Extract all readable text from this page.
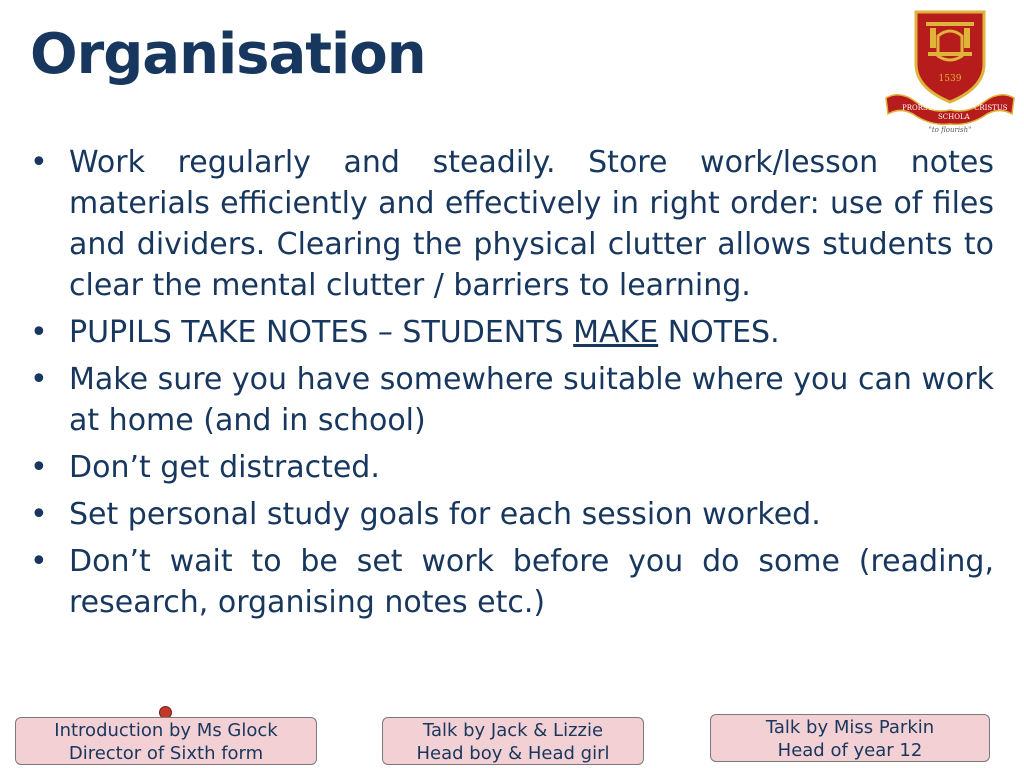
Organisation	1539
PRORSUM
SCHOLA
CRISTUS
"to flourish"
• Work regularly and steadily. Store work/lesson notes materials efficiently and effectively in right order: use of files and dividers. Clearing the physical clutter allows students to clear the mental clutter / barriers to learning.
• PUPILS TAKE NOTES – STUDENTS MAKE NOTES.
• Make sure you have somewhere suitable where you can work at home (and in school)
• Don’t get distracted.
• Set personal study goals for each session worked.
• Don’t wait to be set work before you do some (reading, research, organising notes etc.)
Introduction by Ms Glock
Director of Sixth form
Talk by Jack & Lizzie
Head boy & Head girl
Talk by Miss Parkin
Head of year 12
